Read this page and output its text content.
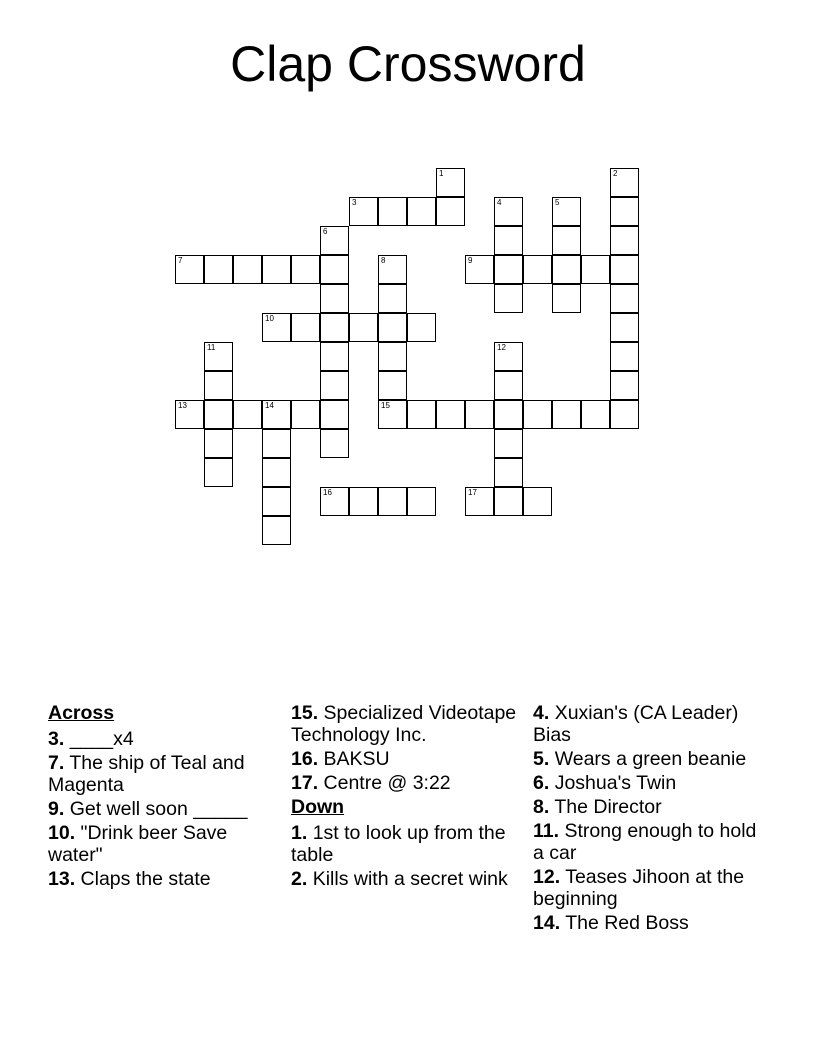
Clap Crossword
1	2
3	4	5
6
7	8
15
9
10
11	12
13	14
16	17
Across
3. ____x4
7. The ship of Teal and Magenta
9. Get well soon _____
10. "Drink beer Save water"
13. Claps the state
15. Specialized Videotape Technology Inc.
16. BAKSU
17. Centre @ 3:22
Down
1. 1st to look up from the table
2. Kills with a secret wink
4. Xuxian's (CA Leader) Bias
5. Wears a green beanie
6. Joshua's Twin
8. The Director
11. Strong enough to hold a car
12. Teases Jihoon at the beginning
14. The Red Boss
